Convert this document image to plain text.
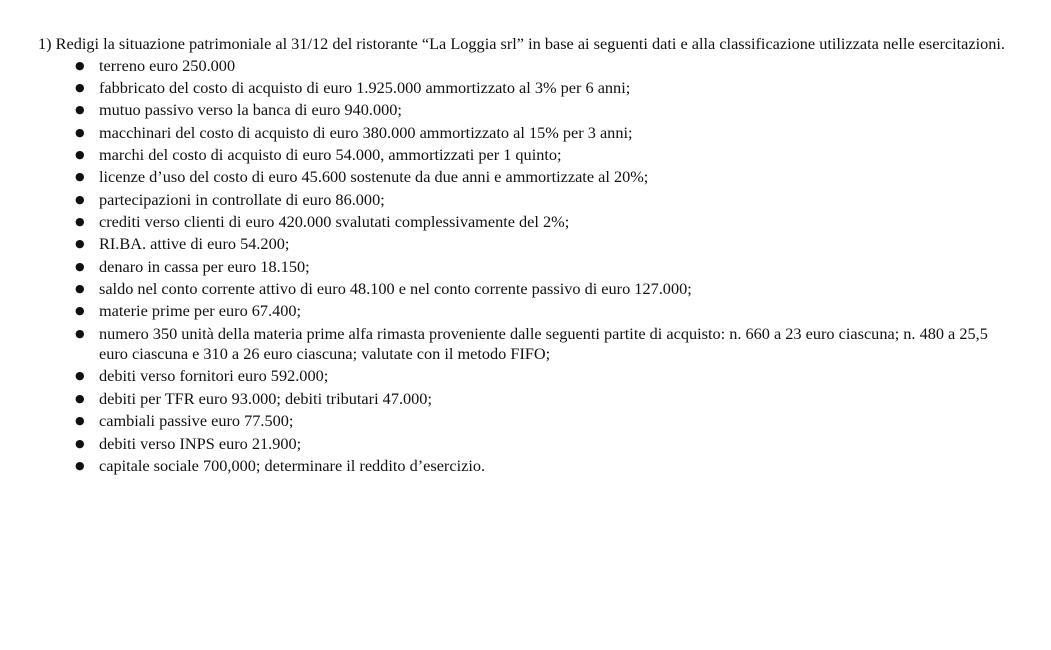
1) Redigi la situazione patrimoniale al 31/12 del ristorante “La Loggia srl” in base ai seguenti dati e alla classificazione utilizzata nelle esercitazioni.

● terreno euro 250.000
● fabbricato del costo di acquisto di euro 1.925.000 ammortizzato al 3% per 6 anni;
● mutuo passivo verso la banca di euro 940.000;
● macchinari del costo di acquisto di euro 380.000 ammortizzato al 15% per 3 anni;
● marchi del costo di acquisto di euro 54.000, ammortizzati per 1 quinto;
● licenze d’uso del costo di euro 45.600 sostenute da due anni e ammortizzate al 20%;
● partecipazioni in controllate di euro 86.000;
● crediti verso clienti di euro 420.000 svalutati complessivamente del 2%;
● RI.BA. attive di euro 54.200;
● denaro in cassa per euro 18.150;
● saldo nel conto corrente attivo di euro 48.100 e nel conto corrente passivo di euro 127.000;
● materie prime per euro 67.400;
● numero 350 unità della materia prime alfa rimasta proveniente dalle seguenti partite di acquisto: n. 660 a 23 euro ciascuna; n. 480 a 25,5 euro ciascuna e 310 a 26 euro ciascuna; valutate con il metodo FIFO;
● debiti verso fornitori euro 592.000;
● debiti per TFR euro 93.000; debiti tributari 47.000;
● cambiali passive euro 77.500;
● debiti verso INPS euro 21.900;
● capitale sociale 700,000; determinare il reddito d’esercizio.
